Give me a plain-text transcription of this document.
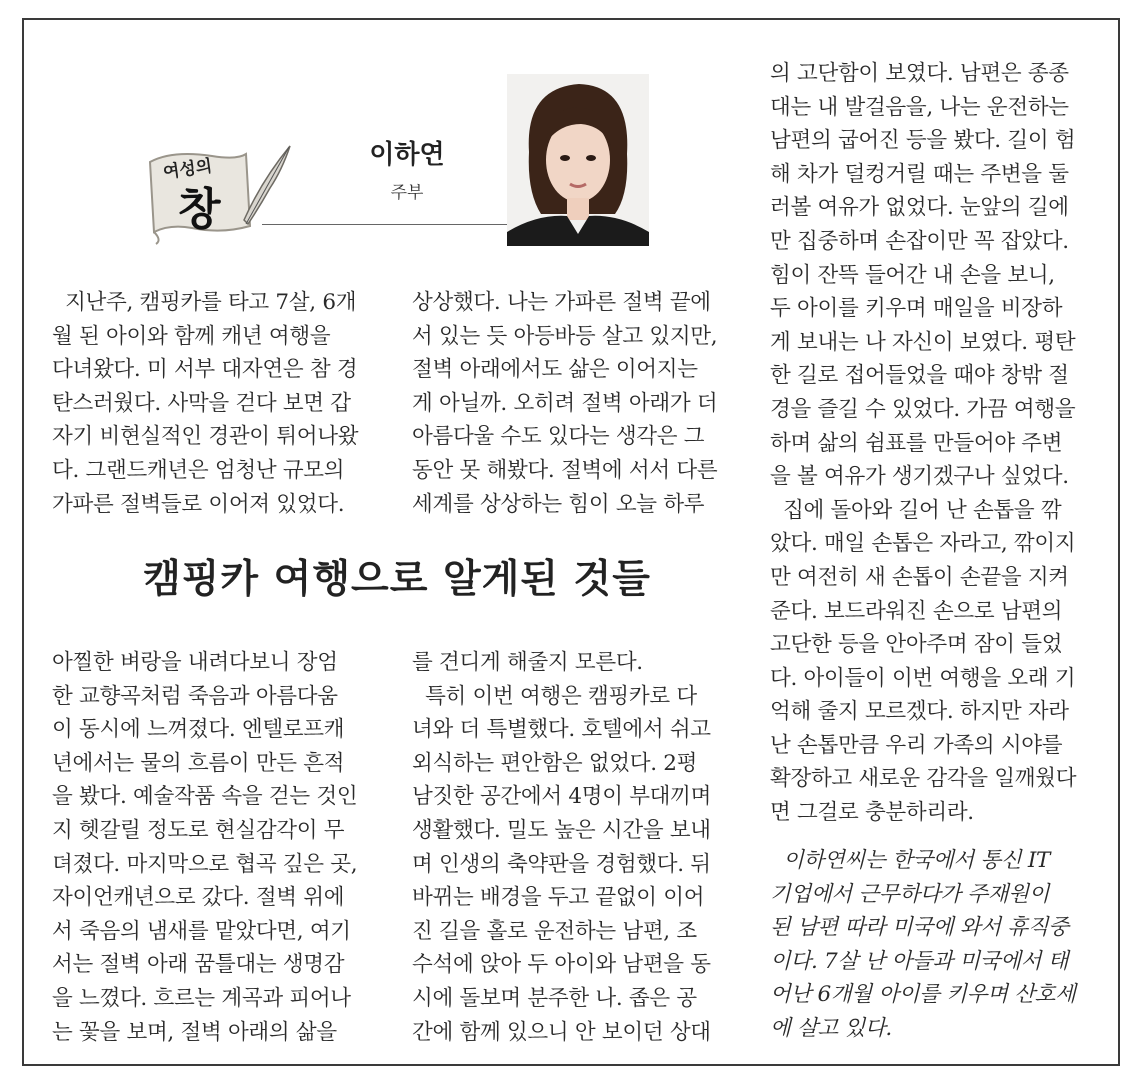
여성의
창
이하연
주부

지난주, 캠핑카를 타고 7살, 6개

월 된 아이와 함께 캐년 여행을

다녀왔다. 미 서부 대자연은 참 경

탄스러웠다. 사막을 걷다 보면 갑

자기 비현실적인 경관이 튀어나왔

다. 그랜드캐년은 엄청난 규모의

가파른 절벽들로 이어져 있었다.

상상했다. 나는 가파른 절벽 끝에

서 있는 듯 아등바등 살고 있지만,

절벽 아래에서도 삶은 이어지는

게 아닐까. 오히려 절벽 아래가 더

아름다울 수도 있다는 생각은 그

동안 못 해봤다. 절벽에 서서 다른

세계를 상상하는 힘이 오늘 하루

캠핑카 여행으로 알게된 것들

아찔한 벼랑을 내려다보니 장엄

한 교향곡처럼 죽음과 아름다움

이 동시에 느껴졌다. 엔텔로프캐

년에서는 물의 흐름이 만든 흔적

을 봤다. 예술작품 속을 걷는 것인

지 헷갈릴 정도로 현실감각이 무

뎌졌다. 마지막으로 협곡 깊은 곳,

자이언캐년으로 갔다. 절벽 위에

서 죽음의 냄새를 맡았다면, 여기

서는 절벽 아래 꿈틀대는 생명감

을 느꼈다. 흐르는 계곡과 피어나

는 꽃을 보며, 절벽 아래의 삶을

를 견디게 해줄지 모른다.

특히 이번 여행은 캠핑카로 다

녀와 더 특별했다. 호텔에서 쉬고

외식하는 편안함은 없었다. 2평

남짓한 공간에서 4명이 부대끼며

생활했다. 밀도 높은 시간을 보내

며 인생의 축약판을 경험했다. 뒤

바뀌는 배경을 두고 끝없이 이어

진 길을 홀로 운전하는 남편, 조

수석에 앉아 두 아이와 남편을 동

시에 돌보며 분주한 나. 좁은 공

간에 함께 있으니 안 보이던 상대

의 고단함이 보였다. 남편은 종종

대는 내 발걸음을, 나는 운전하는

남편의 굽어진 등을 봤다. 길이 험

해 차가 덜컹거릴 때는 주변을 둘

러볼 여유가 없었다. 눈앞의 길에

만 집중하며 손잡이만 꼭 잡았다.

힘이 잔뜩 들어간 내 손을 보니,

두 아이를 키우며 매일을 비장하

게 보내는 나 자신이 보였다. 평탄

한 길로 접어들었을 때야 창밖 절

경을 즐길 수 있었다. 가끔 여행을

하며 삶의 쉼표를 만들어야 주변

을 볼 여유가 생기겠구나 싶었다.

집에 돌아와 길어 난 손톱을 깎

았다. 매일 손톱은 자라고, 깎이지

만 여전히 새 손톱이 손끝을 지켜

준다. 보드라워진 손으로 남편의

고단한 등을 안아주며 잠이 들었

다. 아이들이 이번 여행을 오래 기

억해 줄지 모르겠다. 하지만 자라

난 손톱만큼 우리 가족의 시야를

확장하고 새로운 감각을 일깨웠다

면 그걸로 충분하리라.

이하연씨는 한국에서 통신 IT

기업에서 근무하다가 주재원이

된 남편 따라 미국에 와서 휴직중

이다. 7살 난 아들과 미국에서 태

어난 6개월 아이를 키우며 산호세

에 살고 있다.
